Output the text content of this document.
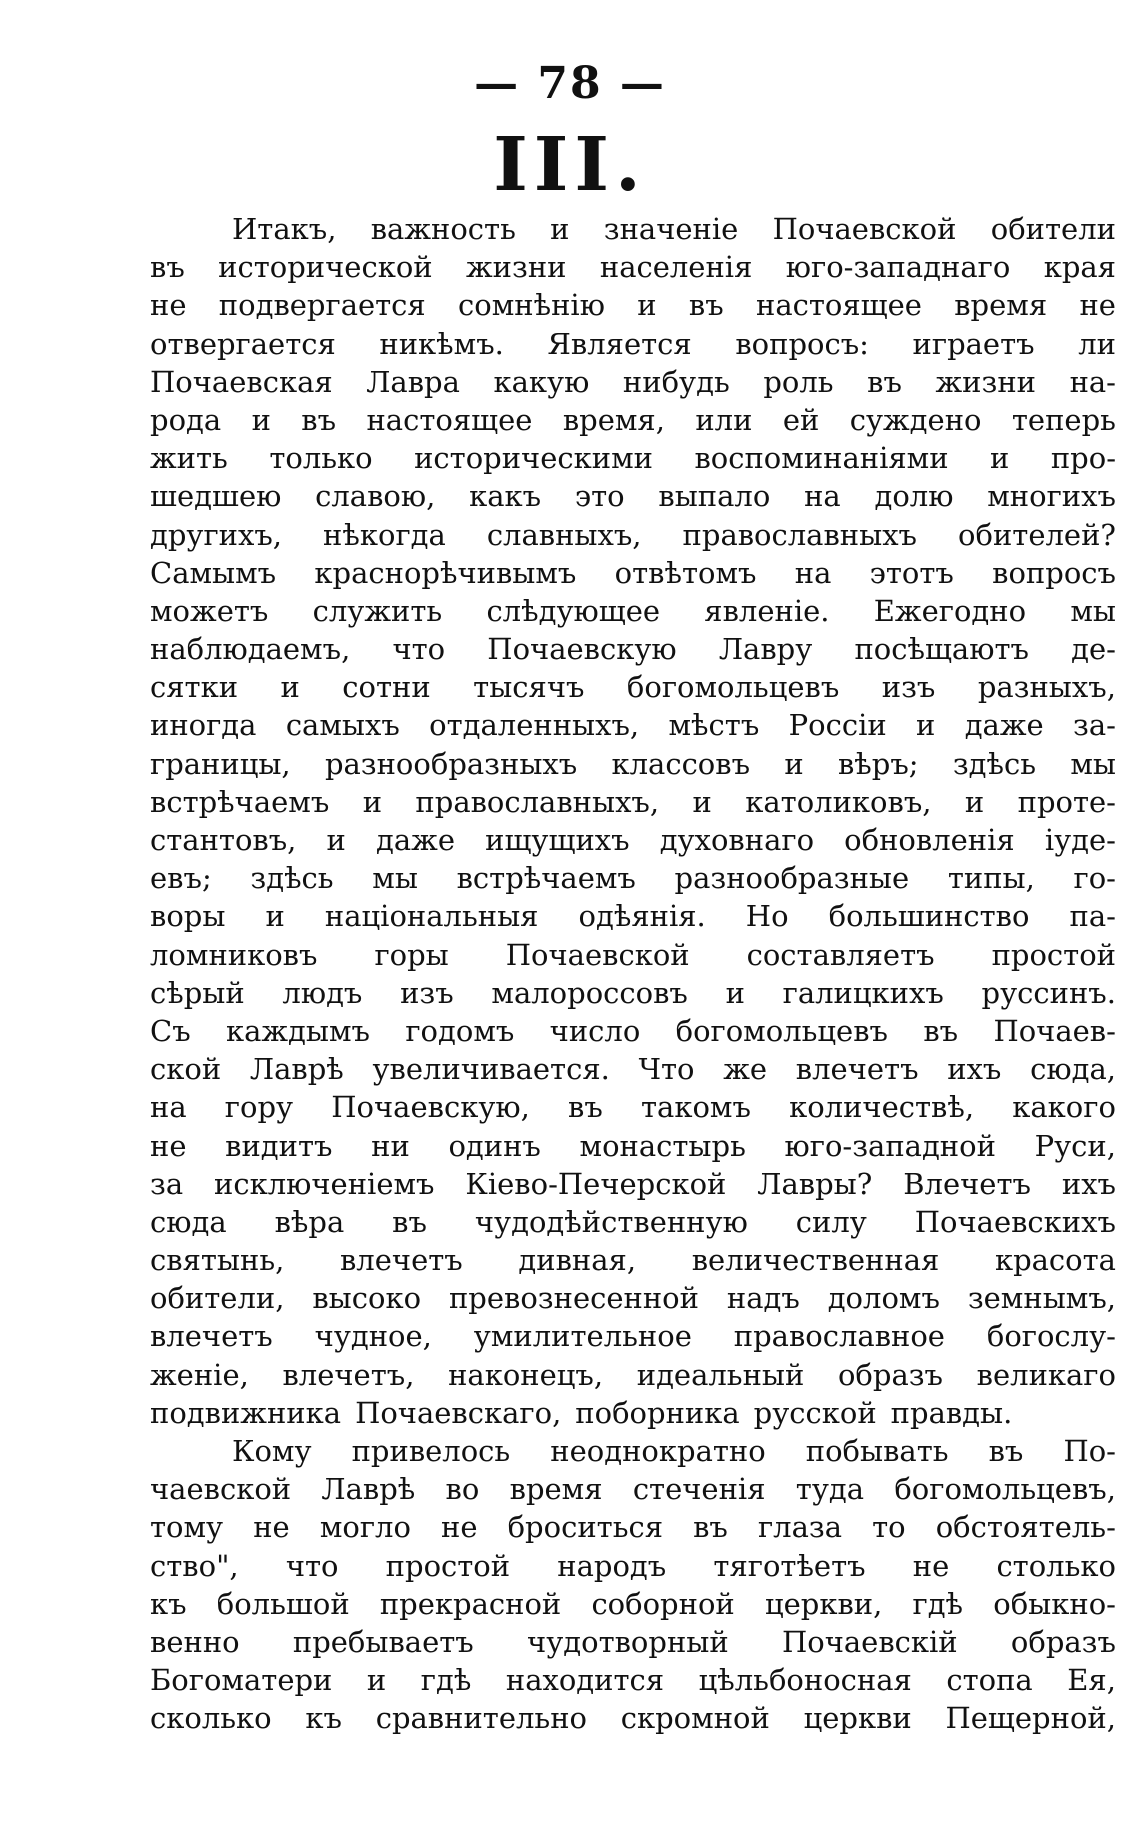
— 78 —
III.
Итакъ, важность и значеніе Почаевской обители
въ исторической жизни населенія юго-западнаго края
не подвергается сомнѣнію и въ настоящее время не
отвергается никѣмъ. Является вопросъ: играетъ ли
Почаевская Лавра какую нибудь роль въ жизни на-
рода и въ настоящее время, или ей суждено теперь
жить только историческими воспоминаніями и про-
шедшею славою, какъ это выпало на долю многихъ
другихъ, нѣкогда славныхъ, православныхъ обителей?
Самымъ краснорѣчивымъ отвѣтомъ на этотъ вопросъ
можетъ служить слѣдующее явленіе. Ежегодно мы
наблюдаемъ, что Почаевскую Лавру посѣщаютъ де-
сятки и сотни тысячъ богомольцевъ изъ разныхъ,
иногда самыхъ отдаленныхъ, мѣстъ Россіи и даже за-
границы, разнообразныхъ классовъ и вѣръ; здѣсь мы
встрѣчаемъ и православныхъ, и католиковъ, и проте-
стантовъ, и даже ищущихъ духовнаго обновленія іуде-
евъ; здѣсь мы встрѣчаемъ разнообразные типы, го-
воры и національныя одѣянія. Но большинство па-
ломниковъ горы Почаевской составляетъ простой
сѣрый людъ изъ малороссовъ и галицкихъ руссинъ.
Съ каждымъ годомъ число богомольцевъ въ Почаев-
ской Лаврѣ увеличивается. Что же влечетъ ихъ сюда,
на гору Почаевскую, въ такомъ количествѣ, какого
не видитъ ни одинъ монастырь юго-западной Руси,
за исключеніемъ Кіево-Печерской Лавры? Влечетъ ихъ
сюда вѣра въ чудодѣйственную силу Почаевскихъ
святынь, влечетъ дивная, величественная красота
обители, высоко превознесенной надъ доломъ земнымъ,
влечетъ чудное, умилительное православное богослу-
женіе, влечетъ, наконецъ, идеальный образъ великаго
подвижника Почаевскаго, поборника русской правды.
Кому привелось неоднократно побывать въ По-
чаевской Лаврѣ во время стеченія туда богомольцевъ,
тому не могло не броситься въ глаза то обстоятель-
ство", что простой народъ тяготѣетъ не столько
къ большой прекрасной соборной церкви, гдѣ обыкно-
венно пребываетъ чудотворный Почаевскій образъ
Богоматери и гдѣ находится цѣльбоносная стопа Ея,
сколько къ сравнительно скромной церкви Пещерной,
